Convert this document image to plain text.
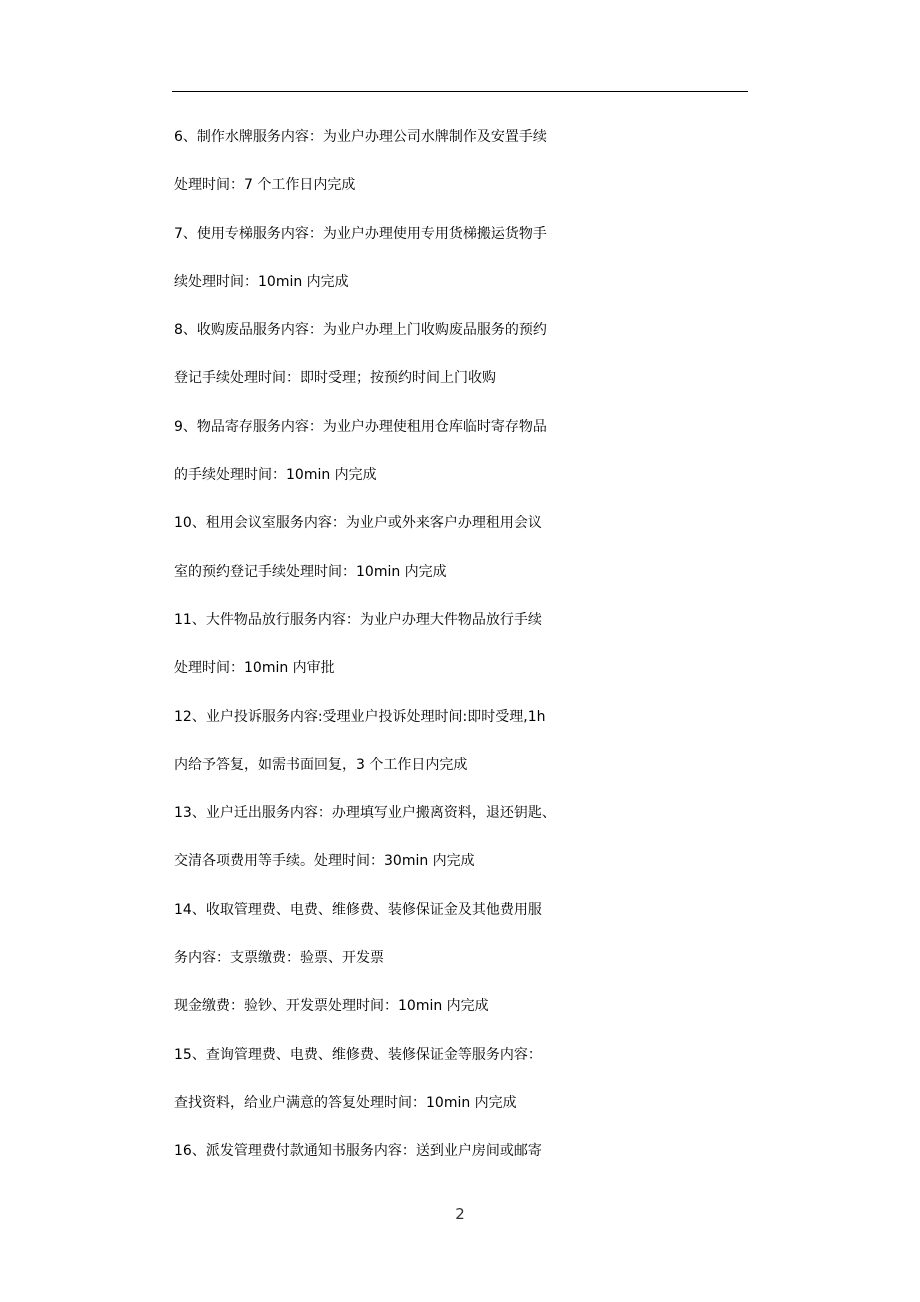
6、制作水牌服务内容：为业户办理公司水牌制作及安置手续
处理时间：7 个工作日内完成
7、使用专梯服务内容：为业户办理使用专用货梯搬运货物手
续处理时间：10min 内完成
8、收购废品服务内容：为业户办理上门收购废品服务的预约
登记手续处理时间：即时受理；按预约时间上门收购
9、物品寄存服务内容：为业户办理使租用仓库临时寄存物品
的手续处理时间：10min 内完成
10、租用会议室服务内容：为业户或外来客户办理租用会议
室的预约登记手续处理时间：10min 内完成
11、大件物品放行服务内容：为业户办理大件物品放行手续
处理时间：10min 内审批
12、业户投诉服务内容:受理业户投诉处理时间:即时受理,1h
内给予答复，如需书面回复，3 个工作日内完成
13、业户迁出服务内容：办理填写业户搬离资料，退还钥匙、
交清各项费用等手续。处理时间：30min 内完成
14、收取管理费、电费、维修费、装修保证金及其他费用服
务内容：支票缴费：验票、开发票
现金缴费：验钞、开发票处理时间：10min 内完成
15、查询管理费、电费、维修费、装修保证金等服务内容：
查找资料，给业户满意的答复处理时间：10min 内完成
16、派发管理费付款通知书服务内容：送到业户房间或邮寄
2
